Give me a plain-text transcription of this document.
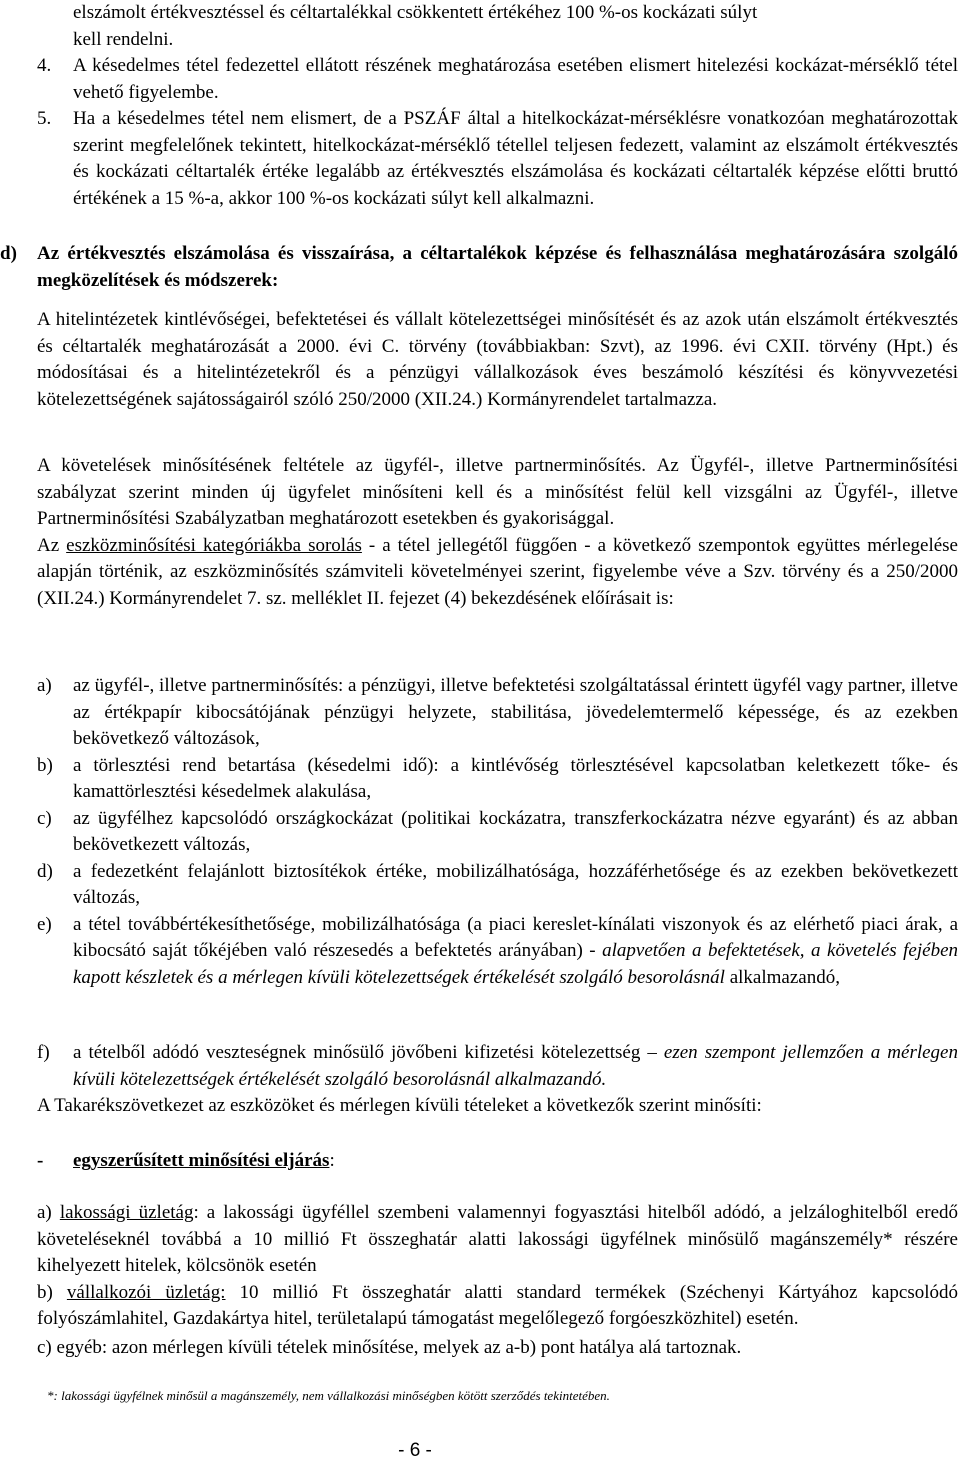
elszámolt értékvesztéssel és céltartalékkal csökkentett értékéhez 100 %-os kockázati súlyt
kell rendelni.

4. A késedelmes tétel fedezettel ellátott részének meghatározása esetében elismert hitelezési kockázat-mérséklő tétel vehető figyelembe.

5. Ha a késedelmes tétel nem elismert, de a PSZÁF által a hitelkockázat-mérséklésre vonatkozóan meghatározottak szerint megfelelőnek tekintett, hitelkockázat-mérséklő tétellel teljesen fedezett, valamint az elszámolt értékvesztés és kockázati céltartalék értéke legalább az értékvesztés elszámolása és kockázati céltartalék képzése előtti bruttó értékének a 15 %-a, akkor 100 %-os kockázati súlyt kell alkalmazni.

d) Az értékvesztés elszámolása és visszaírása, a céltartalékok képzése és felhasználása meghatározására szolgáló megközelítések és módszerek:

A hitelintézetek kintlévőségei, befektetései és vállalt kötelezettségei minősítését és az azok után elszámolt értékvesztés és céltartalék meghatározását a 2000. évi C. törvény (továbbiakban: Szvt), az 1996. évi CXII. törvény (Hpt.) és módosításai és a hitelintézetekről és a pénzügyi vállalkozások éves beszámoló készítési és könyvvezetési kötelezettségének sajátosságairól szóló 250/2000 (XII.24.) Kormányrendelet tartalmazza.

A követelések minősítésének feltétele az ügyfél-, illetve partnerminősítés. Az Ügyfél-, illetve Partnerminősítési szabályzat szerint minden új ügyfelet minősíteni kell és a minősítést felül kell vizsgálni az Ügyfél-, illetve Partnerminősítési Szabályzatban meghatározott esetekben és gyakorisággal.

Az eszközminősítési kategóriákba sorolás - a tétel jellegétől függően - a következő szempontok együttes mérlegelése alapján történik, az eszközminősítés számviteli követelményei szerint, figyelembe véve a Szv. törvény és a 250/2000 (XII.24.) Kormányrendelet 7. sz. melléklet II. fejezet (4) bekezdésének előírásait is:

a) az ügyfél-, illetve partnerminősítés: a pénzügyi, illetve befektetési szolgáltatással érintett ügyfél vagy partner, illetve az értékpapír kibocsátójának pénzügyi helyzete, stabilitása, jövedelemtermelő képessége, és az ezekben bekövetkező változások,

b) a törlesztési rend betartása (késedelmi idő): a kintlévőség törlesztésével kapcsolatban keletkezett tőke- és kamattörlesztési késedelmek alakulása,

c) az ügyfélhez kapcsolódó országkockázat (politikai kockázatra, transzferkockázatra nézve egyaránt) és az abban bekövetkezett változás,

d) a fedezetként felajánlott biztosítékok értéke, mobilizálhatósága, hozzáférhetősége és az ezekben bekövetkezett változás,

e) a tétel továbbértékesíthetősége, mobilizálhatósága (a piaci kereslet-kínálati viszonyok és az elérhető piaci árak, a kibocsátó saját tőkéjében való részesedés a befektetés arányában) - alapvetően a befektetések, a követelés fejében kapott készletek és a mérlegen kívüli kötelezettségek értékelését szolgáló besorolásnál alkalmazandó,

f) a tételből adódó veszteségnek minősülő jövőbeni kifizetési kötelezettség – ezen szempont jellemzően a mérlegen kívüli kötelezettségek értékelését szolgáló besorolásnál alkalmazandó.

A Takarékszövetkezet az eszközöket és mérlegen kívüli tételeket a következők szerint minősíti:

- egyszerűsített minősítési eljárás:

a) lakossági üzletág: a lakossági ügyféllel szembeni valamennyi fogyasztási hitelből adódó, a jelzáloghitelből eredő követeléseknél továbbá a 10 millió Ft összeghatár alatti lakossági ügyfélnek minősülő magánszemély* részére kihelyezett hitelek, kölcsönök esetén

b) vállalkozói üzletág: 10 millió Ft összeghatár alatti standard termékek (Széchenyi Kártyához kapcsolódó folyószámlahitel, Gazdakártya hitel, területalapú támogatást megelőlegező forgóeszközhitel) esetén.

c) egyéb: azon mérlegen kívüli tételek minősítése, melyek az a-b) pont hatálya alá tartoznak.

*: lakossági ügyfélnek minősül a magánszemély, nem vállalkozási minőségben kötött szerződés tekintetében.

- 6 -
